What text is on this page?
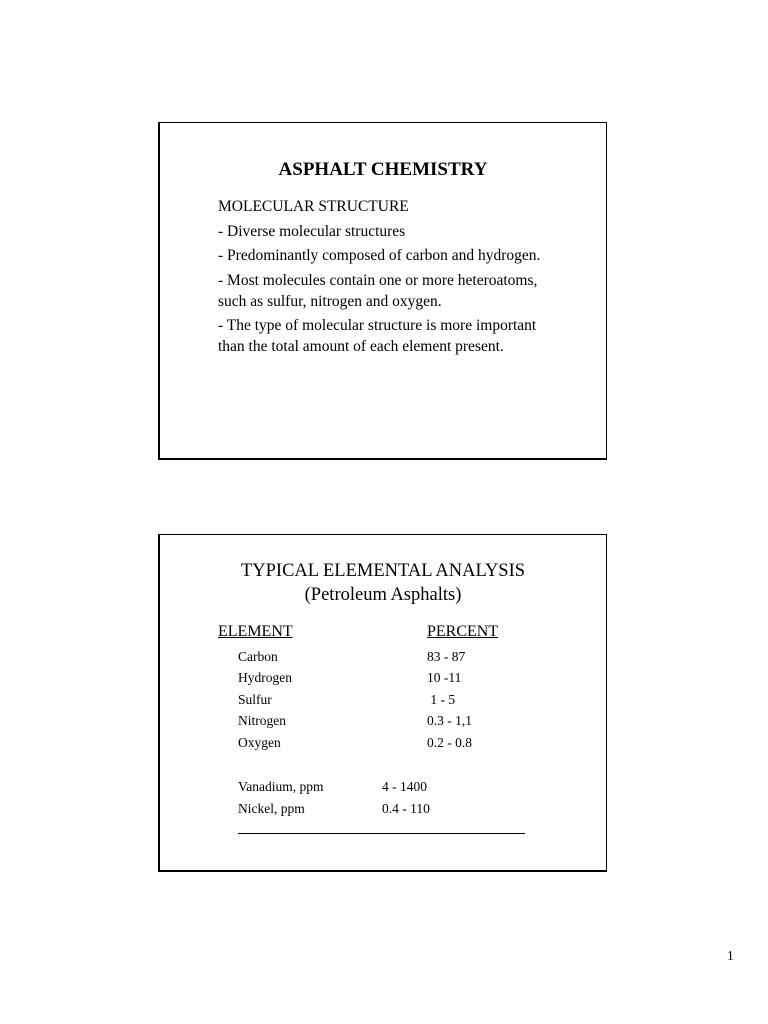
ASPHALT CHEMISTRY

MOLECULAR STRUCTURE

- Diverse molecular structures

- Predominantly composed of carbon and hydrogen.

- Most molecules contain one or more heteroatoms, such as sulfur, nitrogen and oxygen.

- The type of molecular structure is more important than the total amount of each element present.

TYPICAL ELEMENTAL ANALYSIS
(Petroleum Asphalts)
ELEMENT	PERCENT
Carbon	83 - 87
Hydrogen	10 -11
Sulfur	1 - 5
Nitrogen	0.3 - 1,1
Oxygen	0.2 - 0.8
Vanadium, ppm	4 - 1400
Nickel, ppm	0.4 - 110
1
